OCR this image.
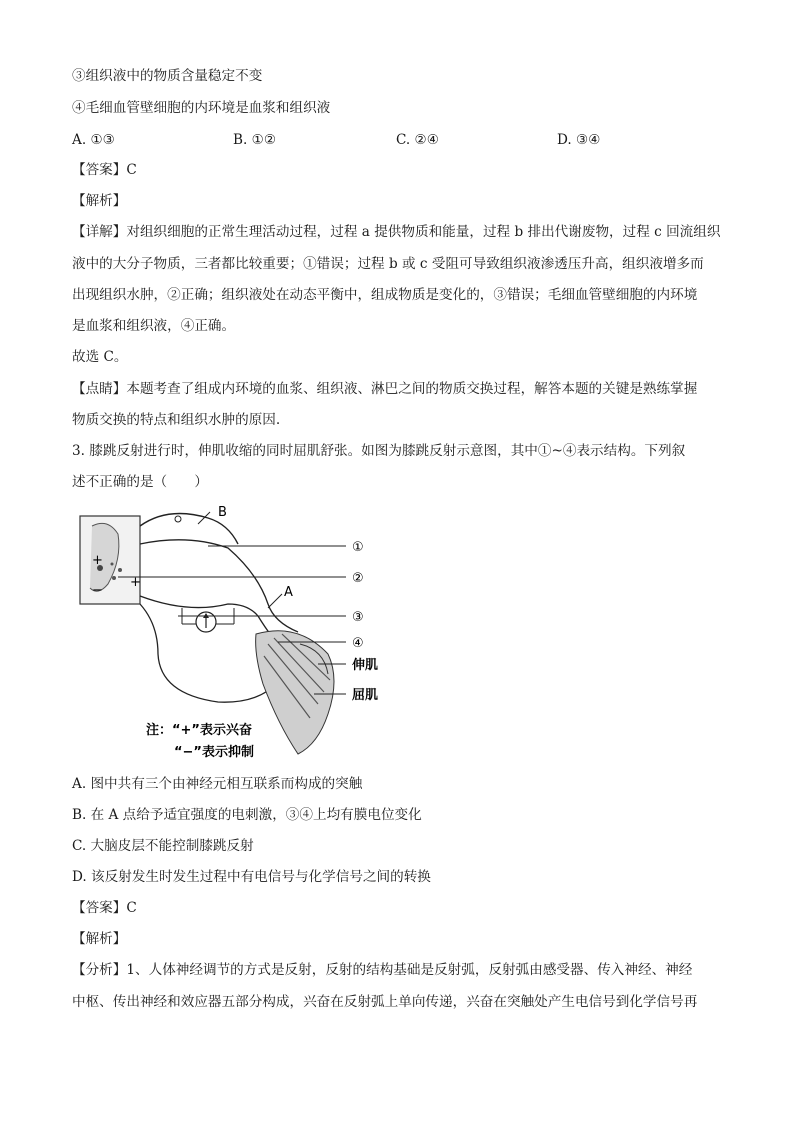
③组织液中的物质含量稳定不变
④毛细血管壁细胞的内环境是血浆和组织液
A. ①③	B. ①②	C. ②④	D. ③④
【答案】C
【解析】
【详解】对组织细胞的正常生理活动过程，过程 a 提供物质和能量，过程 b 排出代谢废物，过程 c 回流组织
液中的大分子物质，三者都比较重要；①错误；过程 b 或 c 受阻可导致组织液渗透压升高，组织液增多而
出现组织水肿，②正确；组织液处在动态平衡中，组成物质是变化的，③错误；毛细血管壁细胞的内环境
是血浆和组织液，④正确。
故选 C。
【点睛】本题考查了组成内环境的血浆、组织液、淋巴之间的物质交换过程，解答本题的关键是熟练掌握
物质交换的特点和组织水肿的原因.
3. 膝跳反射进行时，伸肌收缩的同时屈肌舒张。如图为膝跳反射示意图，其中①~④表示结构。下列叙
述不正确的是（　　）
B
A
①
②
③
④
伸肌
屈肌
+
+
−
注：“+”表示兴奋
“−”表示抑制
A. 图中共有三个由神经元相互联系而构成的突触
B. 在 A 点给予适宜强度的电刺激，③④上均有膜电位变化
C. 大脑皮层不能控制膝跳反射
D. 该反射发生时发生过程中有电信号与化学信号之间的转换
【答案】C
【解析】
【分析】1、人体神经调节的方式是反射，反射的结构基础是反射弧，反射弧由感受器、传入神经、神经
中枢、传出神经和效应器五部分构成，兴奋在反射弧上单向传递，兴奋在突触处产生电信号到化学信号再
